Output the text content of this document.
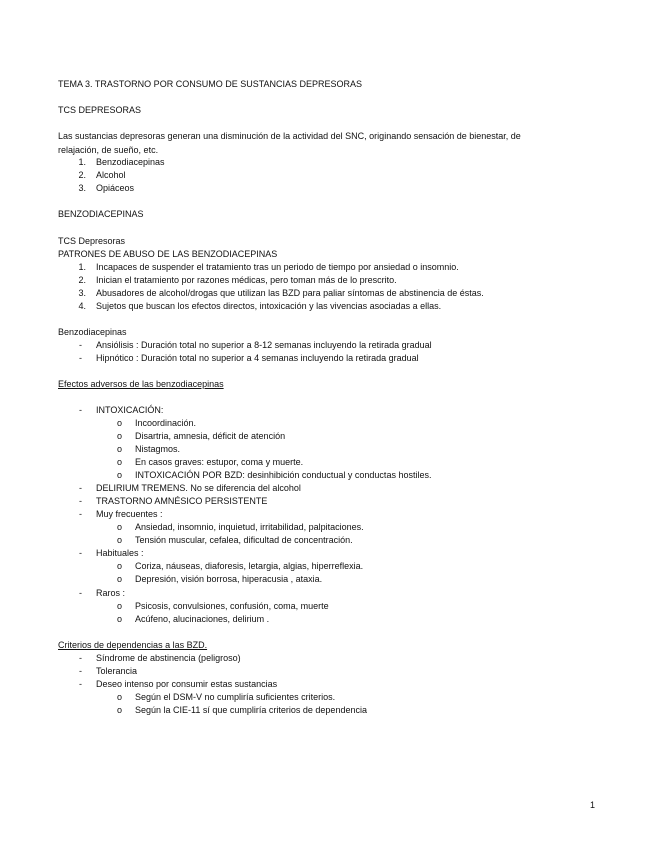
TEMA 3. TRASTORNO POR CONSUMO DE SUSTANCIAS DEPRESORAS
TCS DEPRESORAS
Las sustancias depresoras generan una disminución de la actividad del SNC, originando sensación de bienestar, de relajación, de sueño, etc.
1. Benzodiacepinas
2. Alcohol
3. Opiáceos
BENZODIACEPINAS
TCS Depresoras
PATRONES DE ABUSO DE LAS BENZODIACEPINAS
1. Incapaces de suspender el tratamiento tras un periodo de tiempo por ansiedad o insomnio.
2. Inician el tratamiento por razones médicas, pero toman más de lo prescrito.
3. Abusadores de alcohol/drogas que utilizan las BZD para paliar síntomas de abstinencia de éstas.
4. Sujetos que buscan los efectos directos, intoxicación y las vivencias asociadas a ellas.
Benzodiacepinas
- Ansiólisis : Duración total no superior a 8-12 semanas incluyendo la retirada gradual
- Hipnótico : Duración total no superior a 4 semanas incluyendo la retirada gradual
Efectos adversos de las benzodiacepinas
- INTOXICACIÓN:
o Incoordinación.
o Disartria, amnesia, déficit de atención
o Nistagmos.
o En casos graves: estupor, coma y muerte.
o INTOXICACIÓN POR BZD: desinhibición conductual y conductas hostiles.
- DELIRIUM TREMENS. No se diferencia del alcohol
- TRASTORNO AMNÉSICO PERSISTENTE
- Muy frecuentes :
o Ansiedad, insomnio, inquietud, irritabilidad, palpitaciones.
o Tensión muscular, cefalea, dificultad de concentración.
- Habituales :
o Coriza, náuseas, diaforesis, letargia, algias, hiperreflexia.
o Depresión, visión borrosa, hiperacusia , ataxia.
- Raros :
o Psicosis, convulsiones, confusión, coma, muerte
o Acúfeno, alucinaciones, delirium .
Criterios de dependencias a las BZD.
- Síndrome de abstinencia (peligroso)
- Tolerancia
- Deseo intenso por consumir estas sustancias
o Según el DSM-V no cumpliría suficientes criterios.
o Según la CIE-11 sí que cumpliría criterios de dependencia
1
